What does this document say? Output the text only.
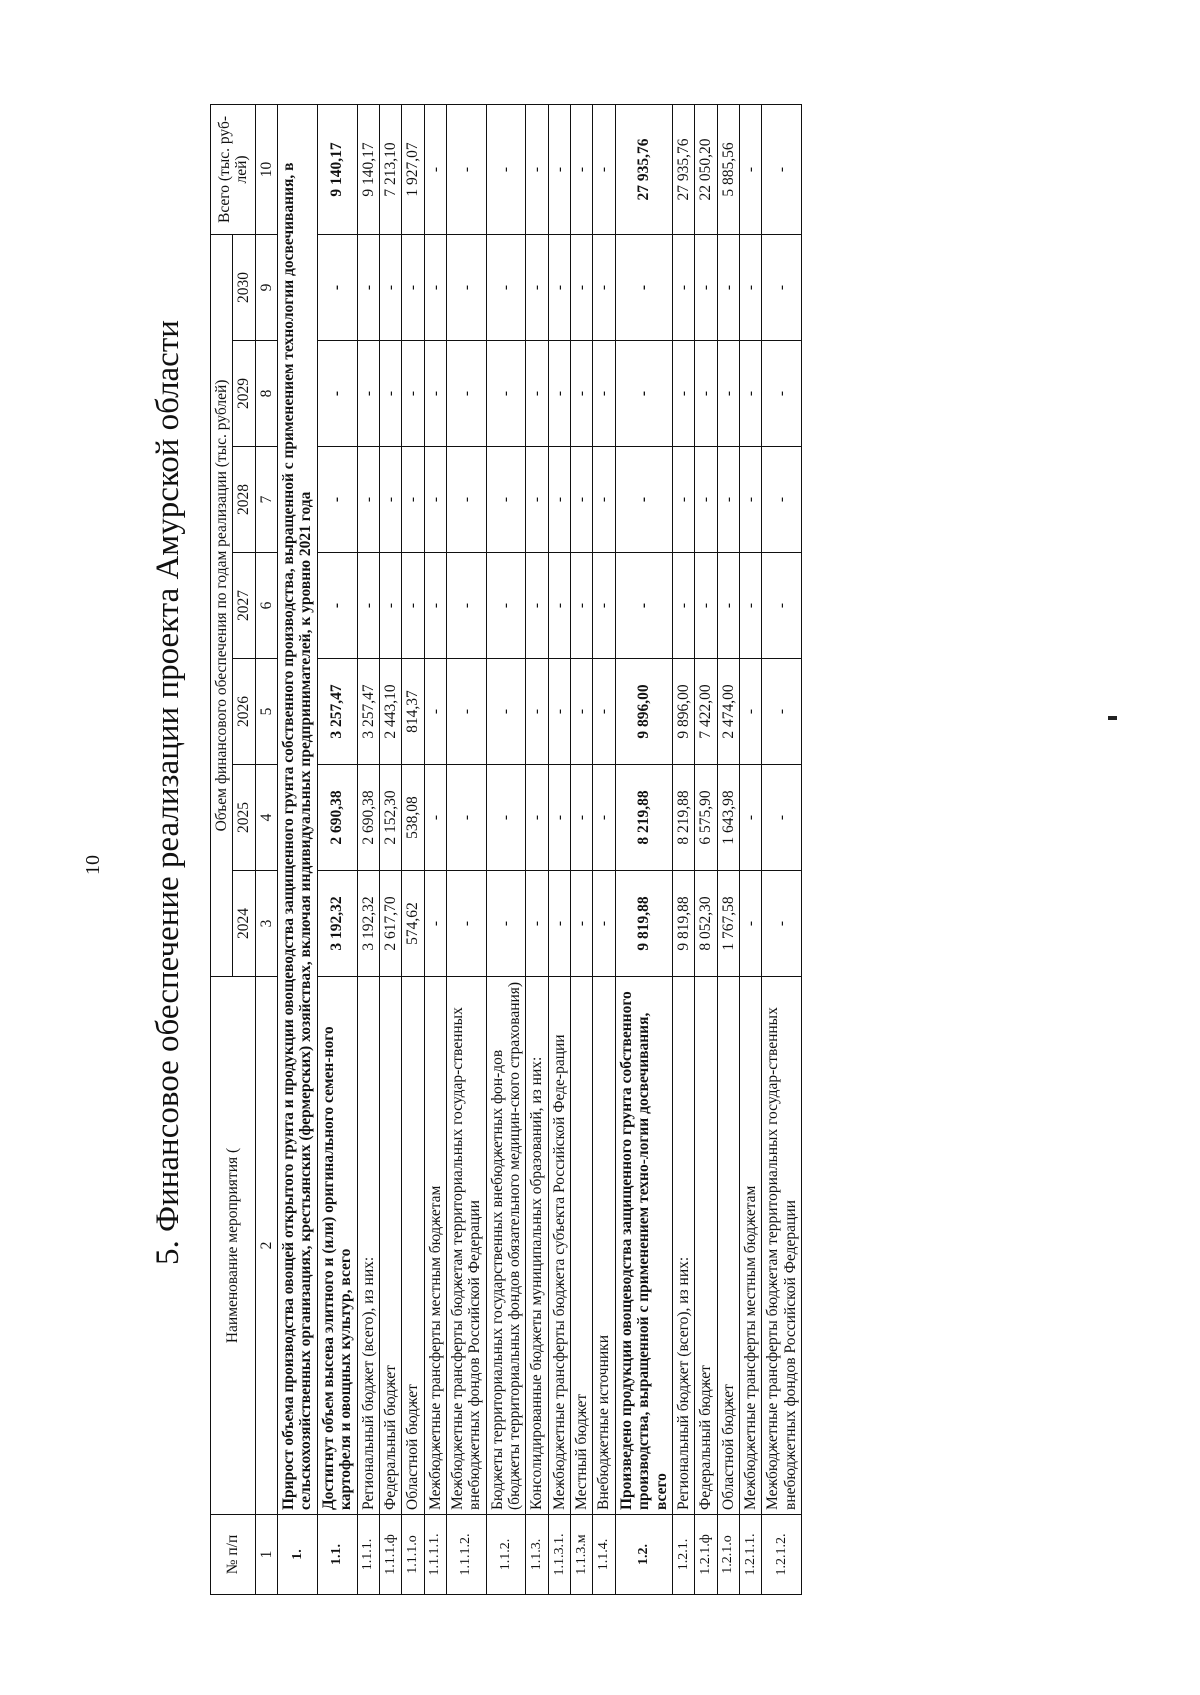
10 5. Финансовое обеспечение реализации проекта Амурской области
№ п/п	Наименование мероприятия (	Объем финансового обеспечения по годам реализации (тыс. рублей)							Всего (тыс. руб-лей)
		2024	2025	2026	2027	2028	2029	2030	
1	2	3	4	5	6	7	8	9	10
1.	Прирост объема производства овощей открытого грунта и продукции овощеводства защищенного грунта собственного производства, выращенной с применением технологии досвечивания, в сельскохозяйственных организациях, крестьянских (фермерских) хозяйствах, включая индивидуальных предпринимателей, к уровню 2021 года								
1.1.	Достигнут объем высева элитного и (или) оригинального семен-ного картофеля и овощных культур, всего	3 192,32	2 690,38	3 257,47	-	-	-	-	9 140,17
1.1.1.	Региональный бюджет (всего), из них:	3 192,32	2 690,38	3 257,47	-	-	-	-	9 140,17
1.1.1.ф	Федеральный бюджет	2 617,70	2 152,30	2 443,10	-	-	-	-	7 213,10
1.1.1.о	Областной бюджет	574,62	538,08	814,37	-	-	-	-	1 927,07
1.1.1.1.	Межбюджетные трансферты местным бюджетам	-	-	-	-	-	-	-	-
1.1.1.2.	Межбюджетные трансферты бюджетам территориальных государ-ственных внебюджетных фондов Российской Федерации	-	-	-	-	-	-	-	-
1.1.2.	Бюджеты территориальных государственных внебюджетных фон-дов (бюджеты территориальных фондов обязательного медицин-ского страхования)	-	-	-	-	-	-	-	-
1.1.3.	Консолидированные бюджеты муниципальных образований, из них:	-	-	-	-	-	-	-	-
1.1.3.1.	Межбюджетные трансферты бюджета субъекта Российской Феде-рации	-	-	-	-	-	-	-	-
1.1.3.м	Местный бюджет	-	-	-	-	-	-	-	-
1.1.4.	Внебюджетные источники	-	-	-	-	-	-	-	-
1.2.	Произведено продукции овощеводства защищенного грунта собственного производства, выращенной с применением техно-логии досвечивания, всего	9 819,88	8 219,88	9 896,00	-	-	-	-	27 935,76
1.2.1.	Региональный бюджет (всего), из них:	9 819,88	8 219,88	9 896,00	-	-	-	-	27 935,76
1.2.1.ф	Федеральный бюджет	8 052,30	6 575,90	7 422,00	-	-	-	-	22 050,20
1.2.1.о	Областной бюджет	1 767,58	1 643,98	2 474,00	-	-	-	-	5 885,56
1.2.1.1.	Межбюджетные трансферты местным бюджетам	-	-	-	-	-	-	-	-
1.2.1.2.	Межбюджетные трансферты бюджетам территориальных государ-ственных внебюджетных фондов Российской Федерации	-	-	-	-	-	-	-	-
